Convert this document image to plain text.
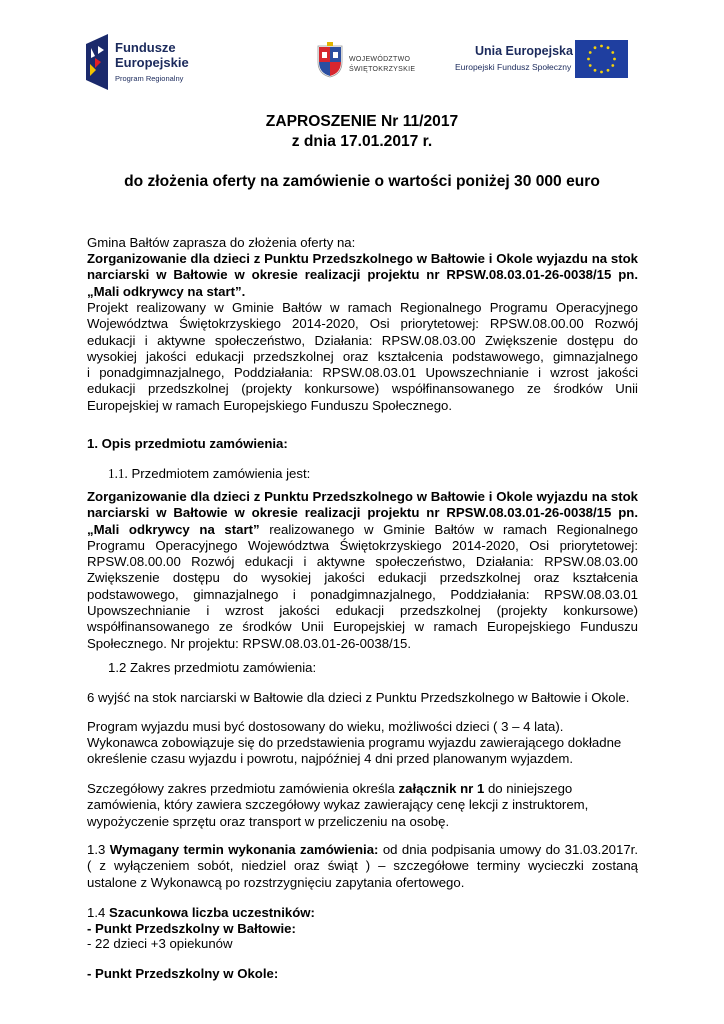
Fundusze
Europejskie
Program Regionalny
WOJEWÓDZTWO
ŚWIĘTOKRZYSKIE
Unia Europejska
Europejski Fundusz Społeczny
ZAPROSZENIE Nr 11/2017
z dnia 17.01.2017 r.
do złożenia oferty na zamówienie o wartości poniżej 30 000 euro

Gmina Bałtów zaprasza do złożenia oferty na:

Zorganizowanie dla dzieci z Punktu Przedszkolnego w Bałtowie i Okole wyjazdu na stok narciarski w Bałtowie w okresie realizacji projektu nr RPSW.08.03.01-26-0038/15 pn. „Mali odkrywcy na start”.

Projekt realizowany w Gminie Bałtów w ramach Regionalnego Programu Operacyjnego Województwa Świętokrzyskiego 2014-2020, Osi priorytetowej: RPSW.08.00.00 Rozwój edukacji i aktywne społeczeństwo, Działania: RPSW.08.03.00 Zwiększenie dostępu do wysokiej jakości edukacji przedszkolnej oraz kształcenia podstawowego, gimnazjalnego

i ponadgimnazjalnego, Poddziałania: RPSW.08.03.01 Upowszechnianie i wzrost jakości edukacji przedszkolnej (projekty konkursowe) współfinansowanego ze środków Unii Europejskiej w ramach Europejskiego Funduszu Społecznego.

1. Opis przedmiotu zamówienia:

1.1. Przedmiotem zamówienia jest:

Zorganizowanie dla dzieci z Punktu Przedszkolnego w Bałtowie i Okole wyjazdu na stok narciarski w Bałtowie w okresie realizacji projektu nr RPSW.08.03.01-26-0038/15 pn. „Mali odkrywcy na start” realizowanego w Gminie Bałtów w ramach Regionalnego Programu Operacyjnego Województwa Świętokrzyskiego 2014-2020, Osi priorytetowej: RPSW.08.00.00 Rozwój edukacji i aktywne społeczeństwo, Działania: RPSW.08.03.00 Zwiększenie dostępu do wysokiej jakości edukacji przedszkolnej oraz kształcenia podstawowego, gimnazjalnego i ponadgimnazjalnego, Poddziałania: RPSW.08.03.01 Upowszechnianie i wzrost jakości edukacji przedszkolnej (projekty konkursowe) współfinansowanego ze środków Unii Europejskiej w ramach Europejskiego Funduszu Społecznego. Nr projektu: RPSW.08.03.01-26-0038/15.

1.2 Zakres przedmiotu zamówienia:

6 wyjść na stok narciarski w Bałtowie dla dzieci z Punktu Przedszkolnego w Bałtowie i Okole.

Program wyjazdu musi być dostosowany do wieku, możliwości dzieci ( 3 – 4 lata).

Wykonawca zobowiązuje się do przedstawienia programu wyjazdu zawierającego dokładne określenie czasu wyjazdu i powrotu, najpóźniej 4 dni przed planowanym wyjazdem.

Szczegółowy zakres przedmiotu zamówienia określa załącznik nr 1 do niniejszego zamówienia, który zawiera szczegółowy wykaz zawierający cenę lekcji z instruktorem, wypożyczenie sprzętu oraz transport w przeliczeniu na osobę.

1.3 Wymagany termin wykonania zamówienia: od dnia podpisania umowy do 31.03.2017r. ( z wyłączeniem sobót, niedziel oraz świąt ) – szczegółowe terminy wycieczki zostaną ustalone z Wykonawcą po rozstrzygnięciu zapytania ofertowego.

1.4 Szacunkowa liczba uczestników:

- Punkt Przedszkolny w Bałtowie:

- 22 dzieci +3 opiekunów

- Punkt Przedszkolny w Okole:
